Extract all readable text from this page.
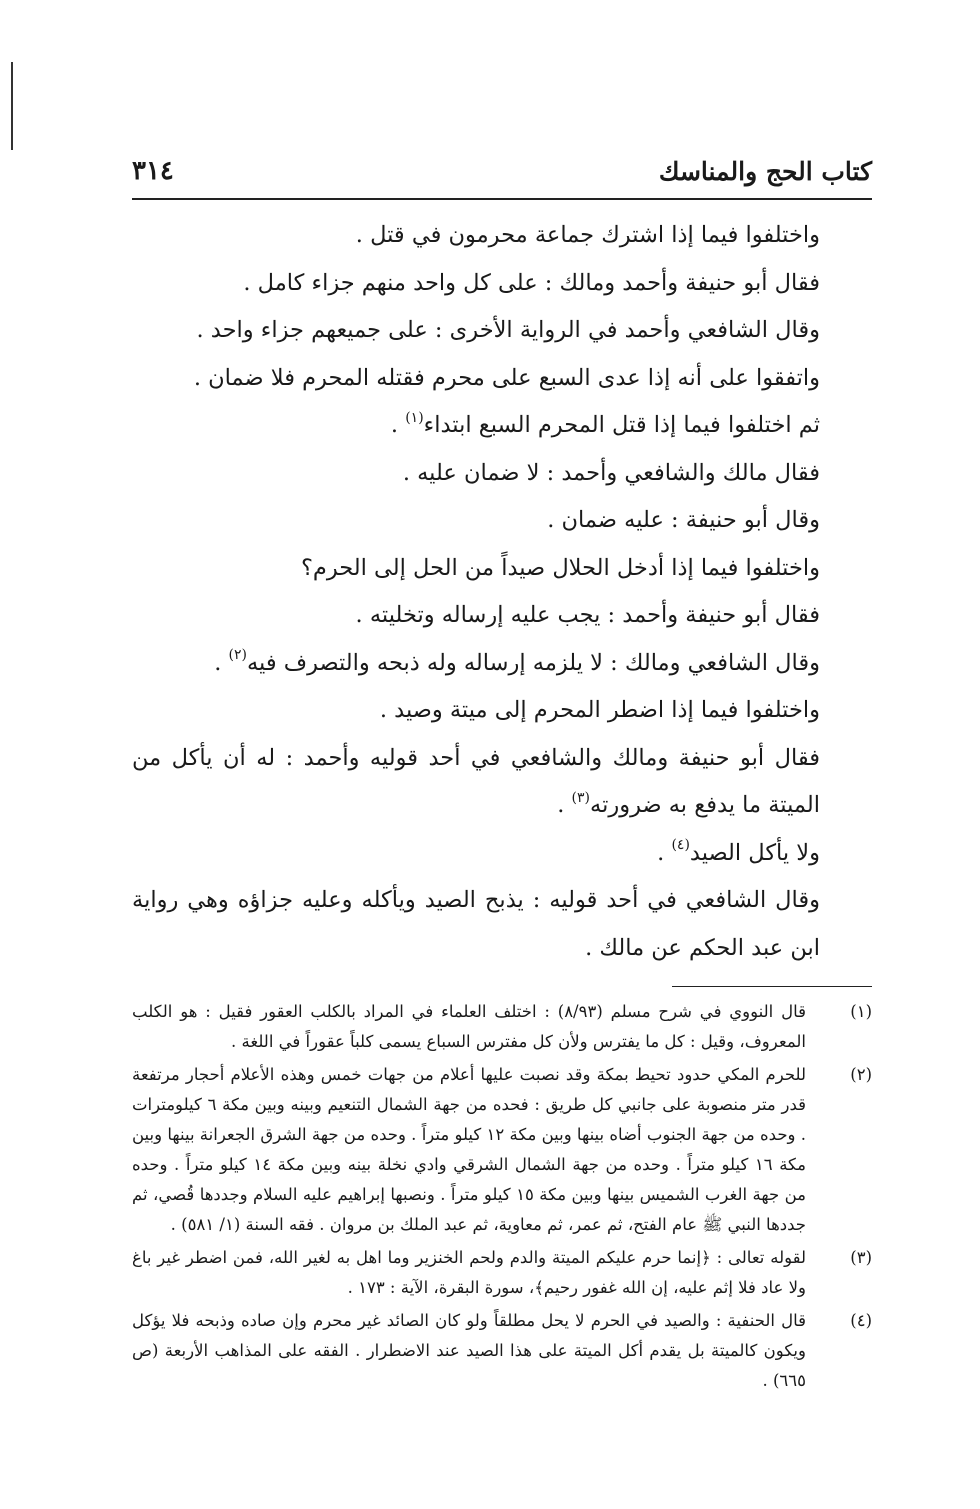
كتاب الحج والمناسك
٣١٤

واختلفوا فيما إذا اشترك جماعة محرمون في قتل .

فقال أبو حنيفة وأحمد ومالك : على كل واحد منهم جزاء كامل .

وقال الشافعي وأحمد في الرواية الأخرى : على جميعهم جزاء واحد .

واتفقوا على أنه إذا عدى السبع على محرم فقتله المحرم فلا ضمان .

ثم اختلفوا فيما إذا قتل المحرم السبع ابتداء$^{(١)}$ .

فقال مالك والشافعي وأحمد : لا ضمان عليه .

وقال أبو حنيفة : عليه ضمان .

واختلفوا فيما إذا أدخل الحلال صيداً من الحل إلى الحرم؟

فقال أبو حنيفة وأحمد : يجب عليه إرساله وتخليته .

وقال الشافعي ومالك : لا يلزمه إرساله وله ذبحه والتصرف فيه$^{(٢)}$ .

واختلفوا فيما إذا اضطر المحرم إلى ميتة وصيد .

فقال أبو حنيفة ومالك والشافعي في أحد قوليه وأحمد : له أن يأكل من الميتة ما يدفع به ضرورته$^{(٣)}$ .

ولا يأكل الصيد$^{(٤)}$ .

وقال الشافعي في أحد قوليه : يذبح الصيد ويأكله وعليه جزاؤه وهي رواية ابن عبد الحكم عن مالك .

(١)
قال النووي في شرح مسلم (٨/٩٣) : اختلف العلماء في المراد بالكلب العقور فقيل : هو الكلب المعروف، وقيل : كل ما يفترس ولأن كل مفترس السباع يسمى كلباً عقوراً في اللغة .
(٢)
للحرم المكي حدود تحيط بمكة وقد نصبت عليها أعلام من جهات خمس وهذه الأعلام أحجار مرتفعة قدر متر منصوبة على جانبي كل طريق : فحده من جهة الشمال التنعيم وبينه وبين مكة ٦ كيلومترات . وحده من جهة الجنوب أضاه بينها وبين مكة ١٢ كيلو متراً . وحده من جهة الشرق الجعرانة بينها وبين مكة ١٦ كيلو متراً . وحده من جهة الشمال الشرقي وادي نخلة بينه وبين مكة ١٤ كيلو متراً . وحده من جهة الغرب الشميس بينها وبين مكة ١٥ كيلو متراً . ونصبها إبراهيم عليه السلام وجددها قُصي، ثم جددها النبي ﷺ عام الفتح، ثم عمر، ثم معاوية، ثم عبد الملك بن مروان . فقه السنة (١/ ٥٨١) .
(٣)
لقوله تعالى : ﴿إنما حرم عليكم الميتة والدم ولحم الخنزير وما اهل به لغير الله، فمن اضطر غير باغ ولا عاد فلا إثم عليه، إن الله غفور رحيم﴾، سورة البقرة، الآية : ١٧٣ .
(٤)
قال الحنفية : والصيد في الحرم لا يحل مطلقاً ولو كان الصائد غير محرم وإن صاده وذبحه فلا يؤكل ويكون كالميتة بل يقدم أكل الميتة على هذا الصيد عند الاضطرار . الفقه على المذاهب الأربعة (ص ٦٦٥) .
